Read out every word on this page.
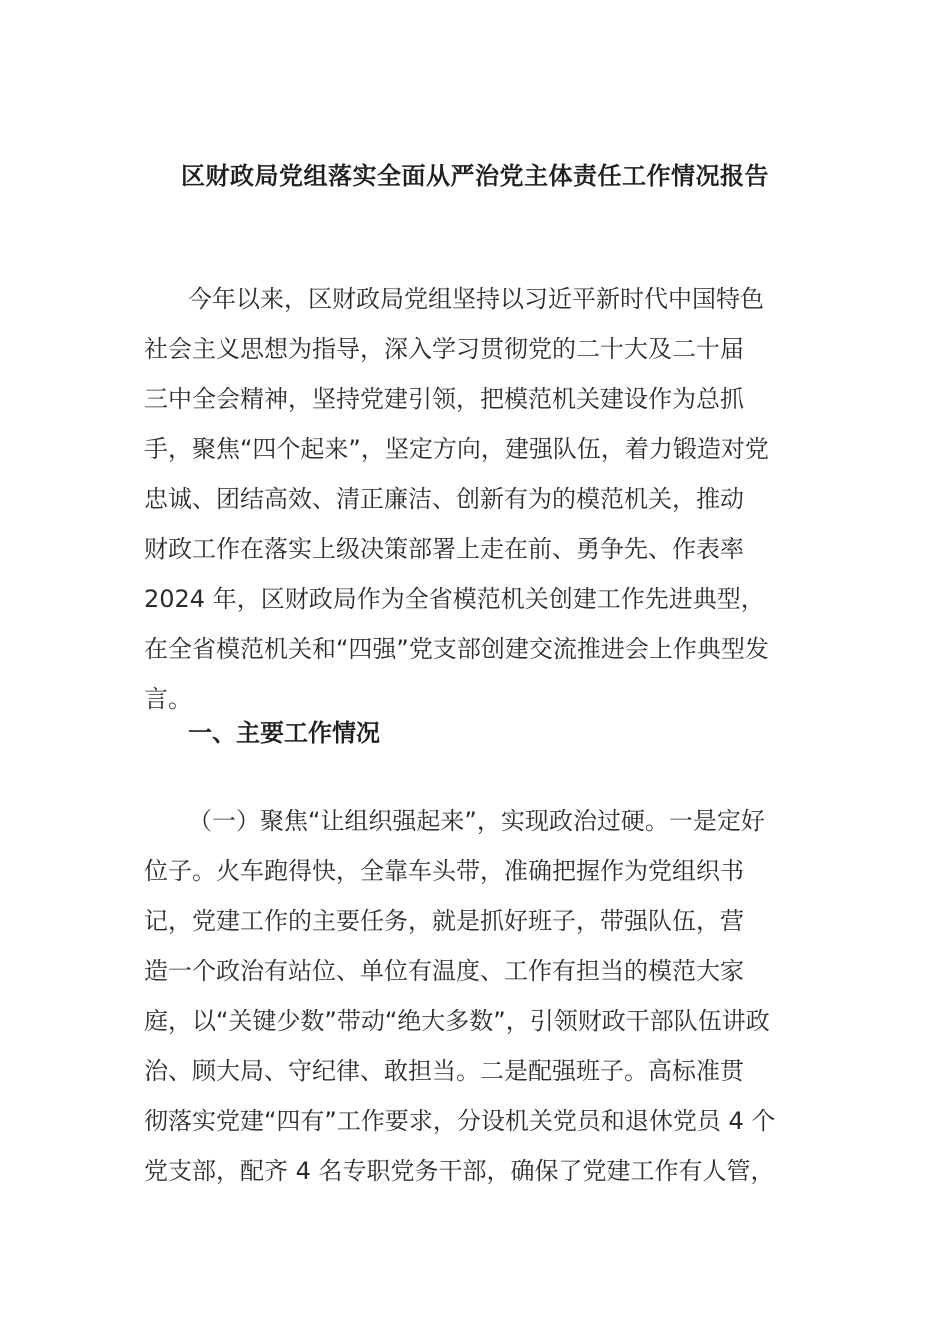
区财政局党组落实全面从严治党主体责任工作情况报告
今年以来，区财政局党组坚持以习近平新时代中国特色
社会主义思想为指导，深入学习贯彻党的二十大及二十届
三中全会精神，坚持党建引领，把模范机关建设作为总抓
手，聚焦“四个起来”，坚定方向，建强队伍，着力锻造对党
忠诚、团结高效、清正廉洁、创新有为的模范机关，推动
财政工作在落实上级决策部署上走在前、勇争先、作表率
2024 年，区财政局作为全省模范机关创建工作先进典型，
在全省模范机关和“四强”党支部创建交流推进会上作典型发
言。
一、主要工作情况
（一）聚焦“让组织强起来”，实现政治过硬。一是定好
位子。火车跑得快，全靠车头带，准确把握作为党组织书
记，党建工作的主要任务，就是抓好班子，带强队伍，营
造一个政治有站位、单位有温度、工作有担当的模范大家
庭，以“关键少数”带动“绝大多数”，引领财政干部队伍讲政
治、顾大局、守纪律、敢担当。二是配强班子。高标准贯
彻落实党建“四有”工作要求，分设机关党员和退休党员 4 个
党支部，配齐 4 名专职党务干部，确保了党建工作有人管，
